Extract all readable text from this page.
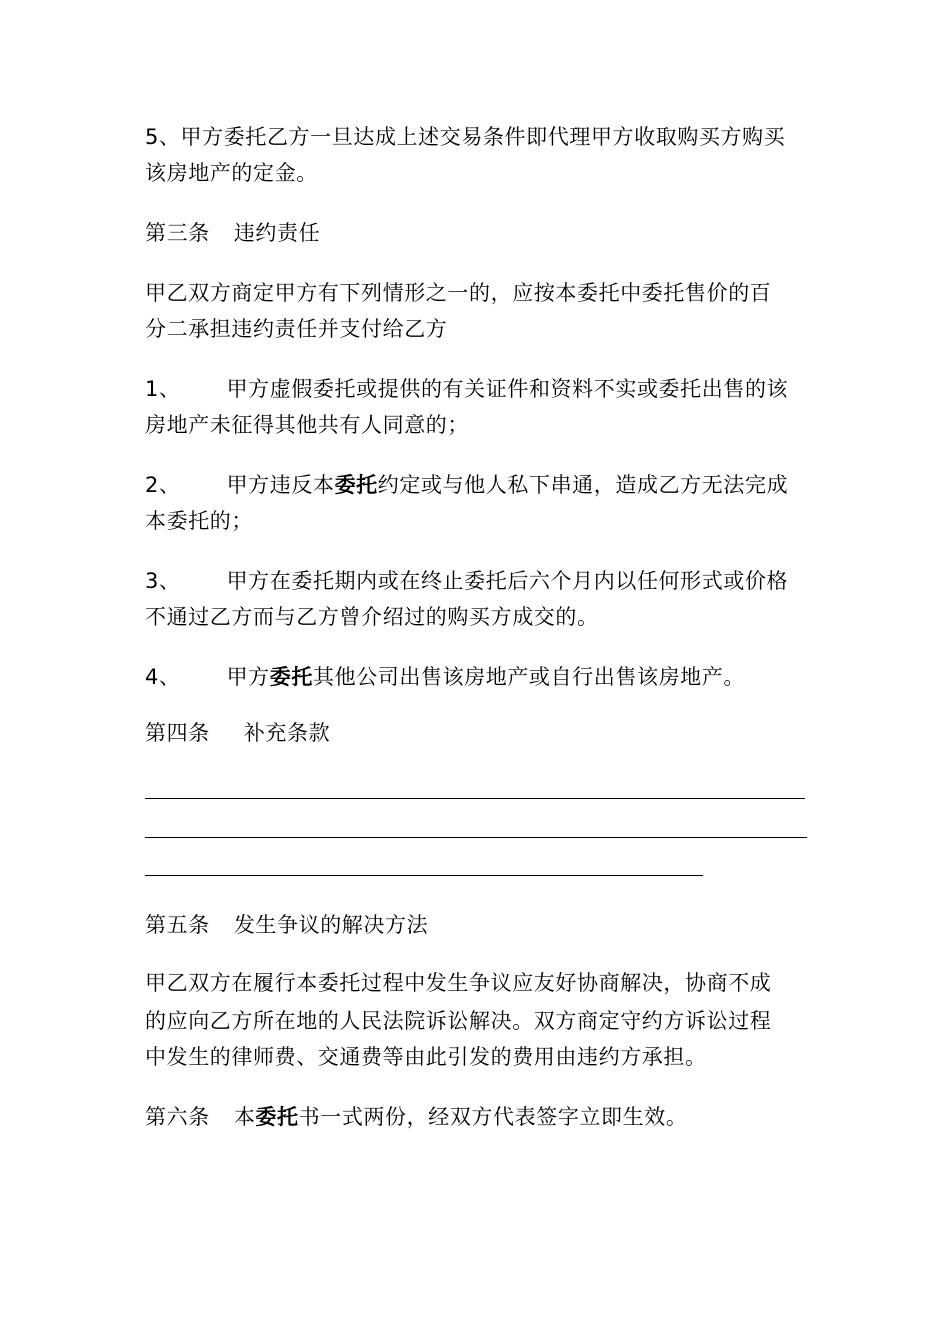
5、甲方委托乙方一旦达成上述交易条件即代理甲方收取购买方购买
该房地产的定金。
第三条 违约责任
甲乙双方商定甲方有下列情形之一的，应按本委托中委托售价的百
分二承担违约责任并支付给乙方
1、 甲方虚假委托或提供的有关证件和资料不实或委托出售的该
房地产未征得其他共有人同意的；
2、 甲方违反本委托约定或与他人私下串通，造成乙方无法完成
本委托的；
3、 甲方在委托期内或在终止委托后六个月内以任何形式或价格
不通过乙方而与乙方曾介绍过的购买方成交的。
4、 甲方委托其他公司出售该房地产或自行出售该房地产。
第四条 补充条款
第五条 发生争议的解决方法
甲乙双方在履行本委托过程中发生争议应友好协商解决，协商不成
的应向乙方所在地的人民法院诉讼解决。双方商定守约方诉讼过程
中发生的律师费、交通费等由此引发的费用由违约方承担。
第六条 本委托书一式两份，经双方代表签字立即生效。
